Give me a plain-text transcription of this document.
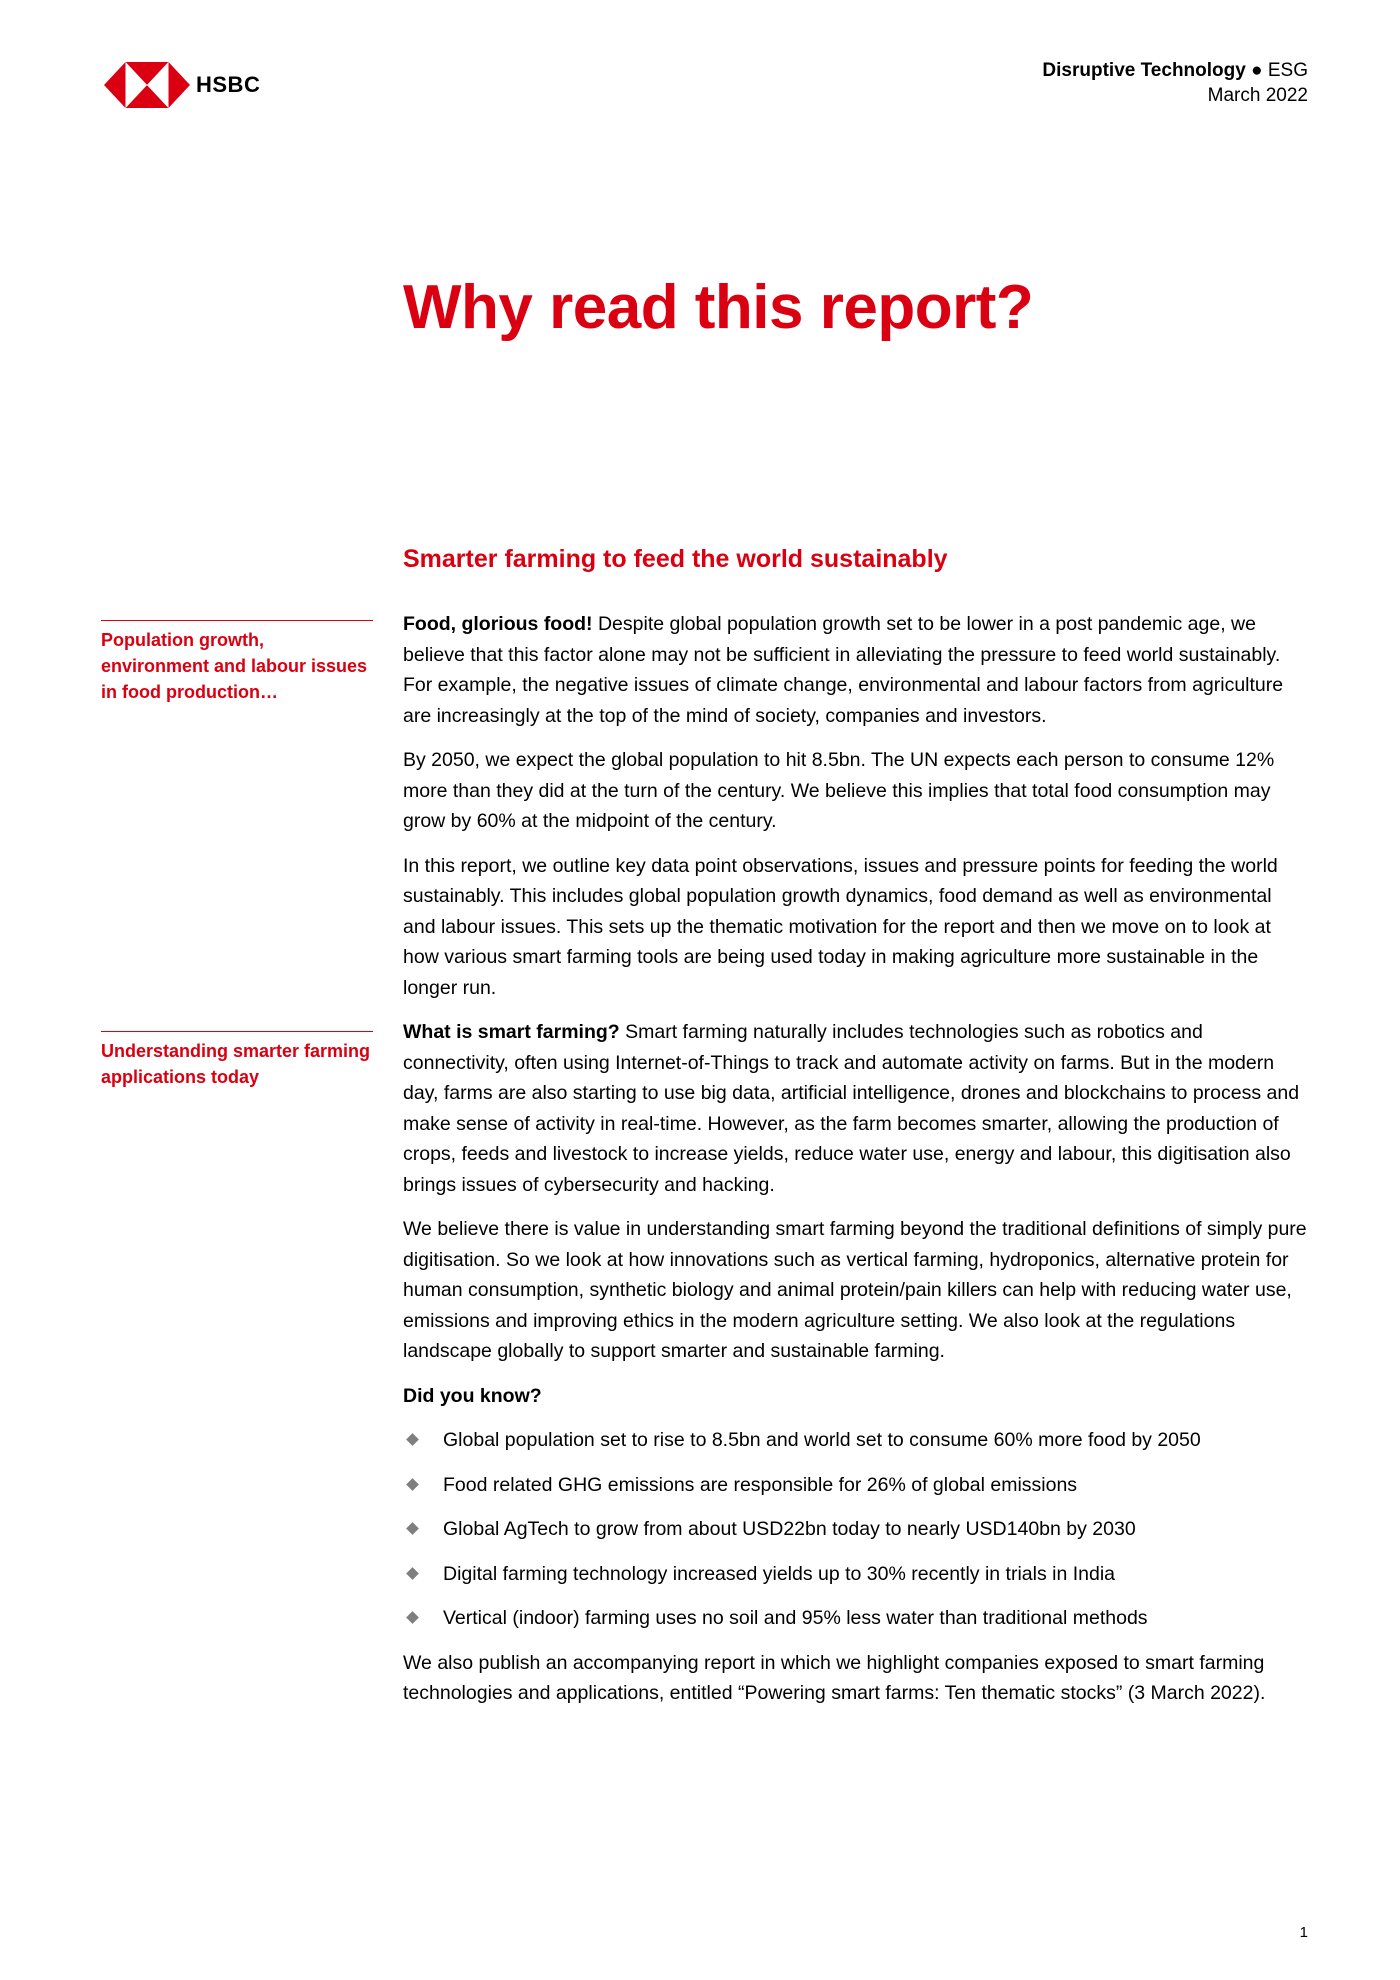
HSBC
Disruptive Technology ● ESG
March 2022
Why read this report?
Smarter farming to feed the world sustainably
Population growth, environment and labour issues in food production…
Understanding smarter farming applications today

Food, glorious food! Despite global population growth set to be lower in a post pandemic age, we believe that this factor alone may not be sufficient in alleviating the pressure to feed world sustainably. For example, the negative issues of climate change, environmental and labour factors from agriculture are increasingly at the top of the mind of society, companies and investors.

By 2050, we expect the global population to hit 8.5bn. The UN expects each person to consume 12% more than they did at the turn of the century. We believe this implies that total food consumption may grow by 60% at the midpoint of the century.

In this report, we outline key data point observations, issues and pressure points for feeding the world sustainably. This includes global population growth dynamics, food demand as well as environmental and labour issues. This sets up the thematic motivation for the report and then we move on to look at how various smart farming tools are being used today in making agriculture more sustainable in the longer run.

What is smart farming? Smart farming naturally includes technologies such as robotics and connectivity, often using Internet-of-Things to track and automate activity on farms. But in the modern day, farms are also starting to use big data, artificial intelligence, drones and blockchains to process and make sense of activity in real-time. However, as the farm becomes smarter, allowing the production of crops, feeds and livestock to increase yields, reduce water use, energy and labour, this digitisation also brings issues of cybersecurity and hacking.

We believe there is value in understanding smart farming beyond the traditional definitions of simply pure digitisation. So we look at how innovations such as vertical farming, hydroponics, alternative protein for human consumption, synthetic biology and animal protein/pain killers can help with reducing water use, emissions and improving ethics in the modern agriculture setting. We also look at the regulations landscape globally to support smarter and sustainable farming.

Did you know?
Global population set to rise to 8.5bn and world set to consume 60% more food by 2050
Food related GHG emissions are responsible for 26% of global emissions
Global AgTech to grow from about USD22bn today to nearly USD140bn by 2030
Digital farming technology increased yields up to 30% recently in trials in India
Vertical (indoor) farming uses no soil and 95% less water than traditional methods

We also publish an accompanying report in which we highlight companies exposed to smart farming technologies and applications, entitled “Powering smart farms: Ten thematic stocks” (3 March 2022).

1
